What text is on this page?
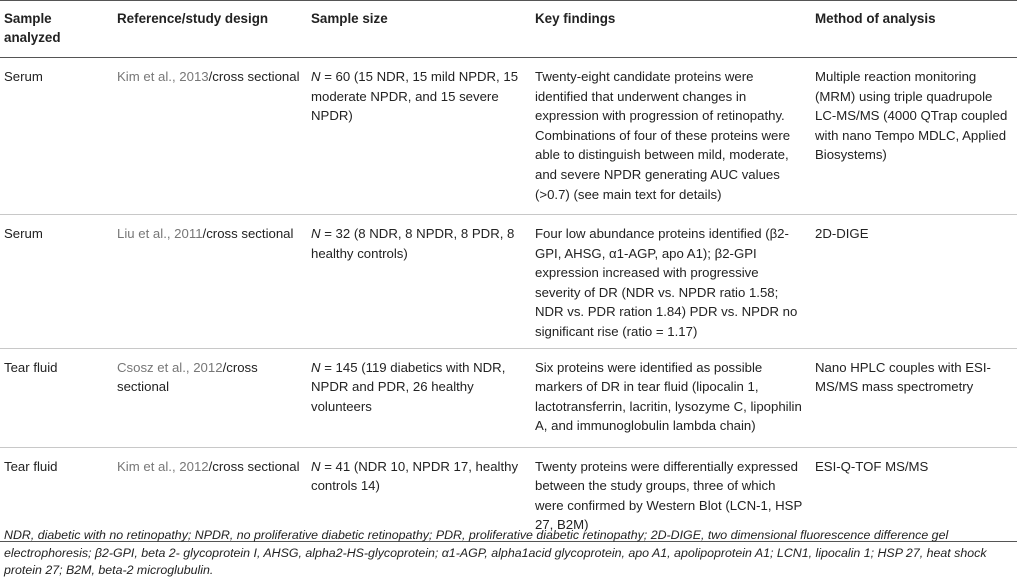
Sample analyzed	Reference/study design	Sample size	Key findings	Method of analysis
Serum	Kim et al., 2013/cross sectional	N = 60 (15 NDR, 15 mild NPDR, 15 moderate NPDR, and 15 severe NPDR)	Twenty-eight candidate proteins were identified that underwent changes in expression with progression of retinopathy. Combinations of four of these proteins were able to distinguish between mild, moderate, and severe NPDR generating AUC values (>0.7) (see main text for details)	Multiple reaction monitoring (MRM) using triple quadrupole LC-MS/MS (4000 QTrap coupled with nano Tempo MDLC, Applied Biosystems)
Serum	Liu et al., 2011/cross sectional	N = 32 (8 NDR, 8 NPDR, 8 PDR, 8 healthy controls)	Four low abundance proteins identified (β2-GPI, AHSG, α1-AGP, apo A1); β2-GPI expression increased with progressive severity of DR (NDR vs. NPDR ratio 1.58; NDR vs. PDR ration 1.84) PDR vs. NPDR no significant rise (ratio = 1.17)	2D-DIGE
Tear fluid	Csosz et al., 2012/cross sectional	N = 145 (119 diabetics with NDR, NPDR and PDR, 26 healthy volunteers	Six proteins were identified as possible markers of DR in tear fluid (lipocalin 1, lactotransferrin, lacritin, lysozyme C, lipophilin A, and immunoglobulin lambda chain)	Nano HPLC couples with ESI-MS/MS mass spectrometry
Tear fluid	Kim et al., 2012/cross sectional	N = 41 (NDR 10, NPDR 17, healthy controls 14)	Twenty proteins were differentially expressed between the study groups, three of which were confirmed by Western Blot (LCN-1, HSP 27, B2M)	ESI-Q-TOF MS/MS
NDR, diabetic with no retinopathy; NPDR, no proliferative diabetic retinopathy; PDR, proliferative diabetic retinopathy; 2D-DIGE, two dimensional fluorescence difference gel electrophoresis; β2-GPI, beta 2- glycoprotein I, AHSG, alpha2-HS-glycoprotein; α1-AGP, alpha1acid glycoprotein, apo A1, apolipoprotein A1; LCN1, lipocalin 1; HSP 27, heat shock protein 27; B2M, beta-2 microglubulin.
